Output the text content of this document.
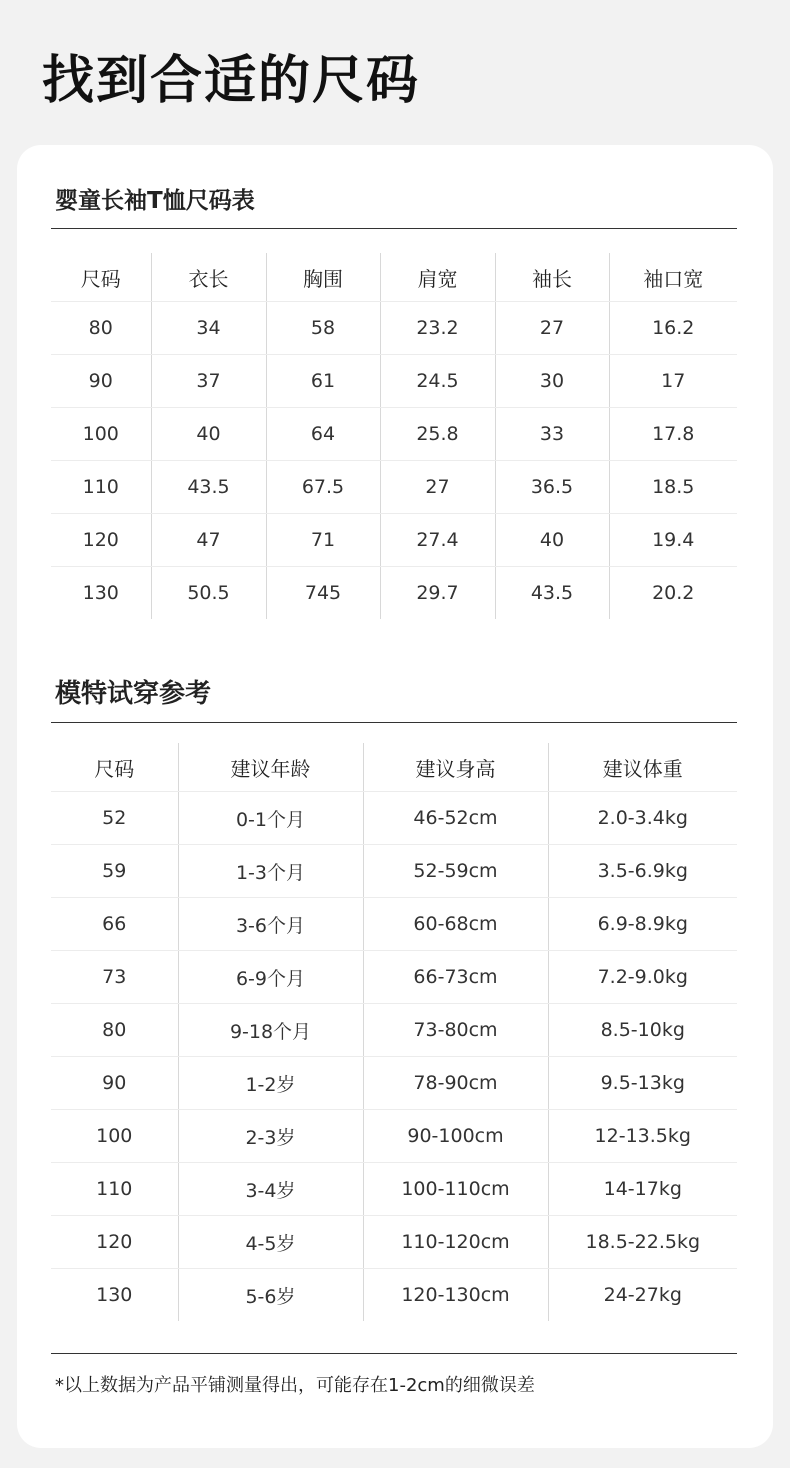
找到合适的尺码
婴童长袖T恤尺码表
尺码	衣长	胸围	肩宽	袖长	袖口宽
80	34	58	23.2	27	16.2
90	37	61	24.5	30	17
100	40	64	25.8	33	17.8
110	43.5	67.5	27	36.5	18.5
120	47	71	27.4	40	19.4
130	50.5	745	29.7	43.5	20.2
模特试穿参考
尺码	建议年龄	建议身高	建议体重
52	0-1个月	46-52cm	2.0-3.4kg
59	1-3个月	52-59cm	3.5-6.9kg
66	3-6个月	60-68cm	6.9-8.9kg
73	6-9个月	66-73cm	7.2-9.0kg
80	9-18个月	73-80cm	8.5-10kg
90	1-2岁	78-90cm	9.5-13kg
100	2-3岁	90-100cm	12-13.5kg
110	3-4岁	100-110cm	14-17kg
120	4-5岁	110-120cm	18.5-22.5kg
130	5-6岁	120-130cm	24-27kg

*以上数据为产品平铺测量得出，可能存在1-2cm的细微误差
